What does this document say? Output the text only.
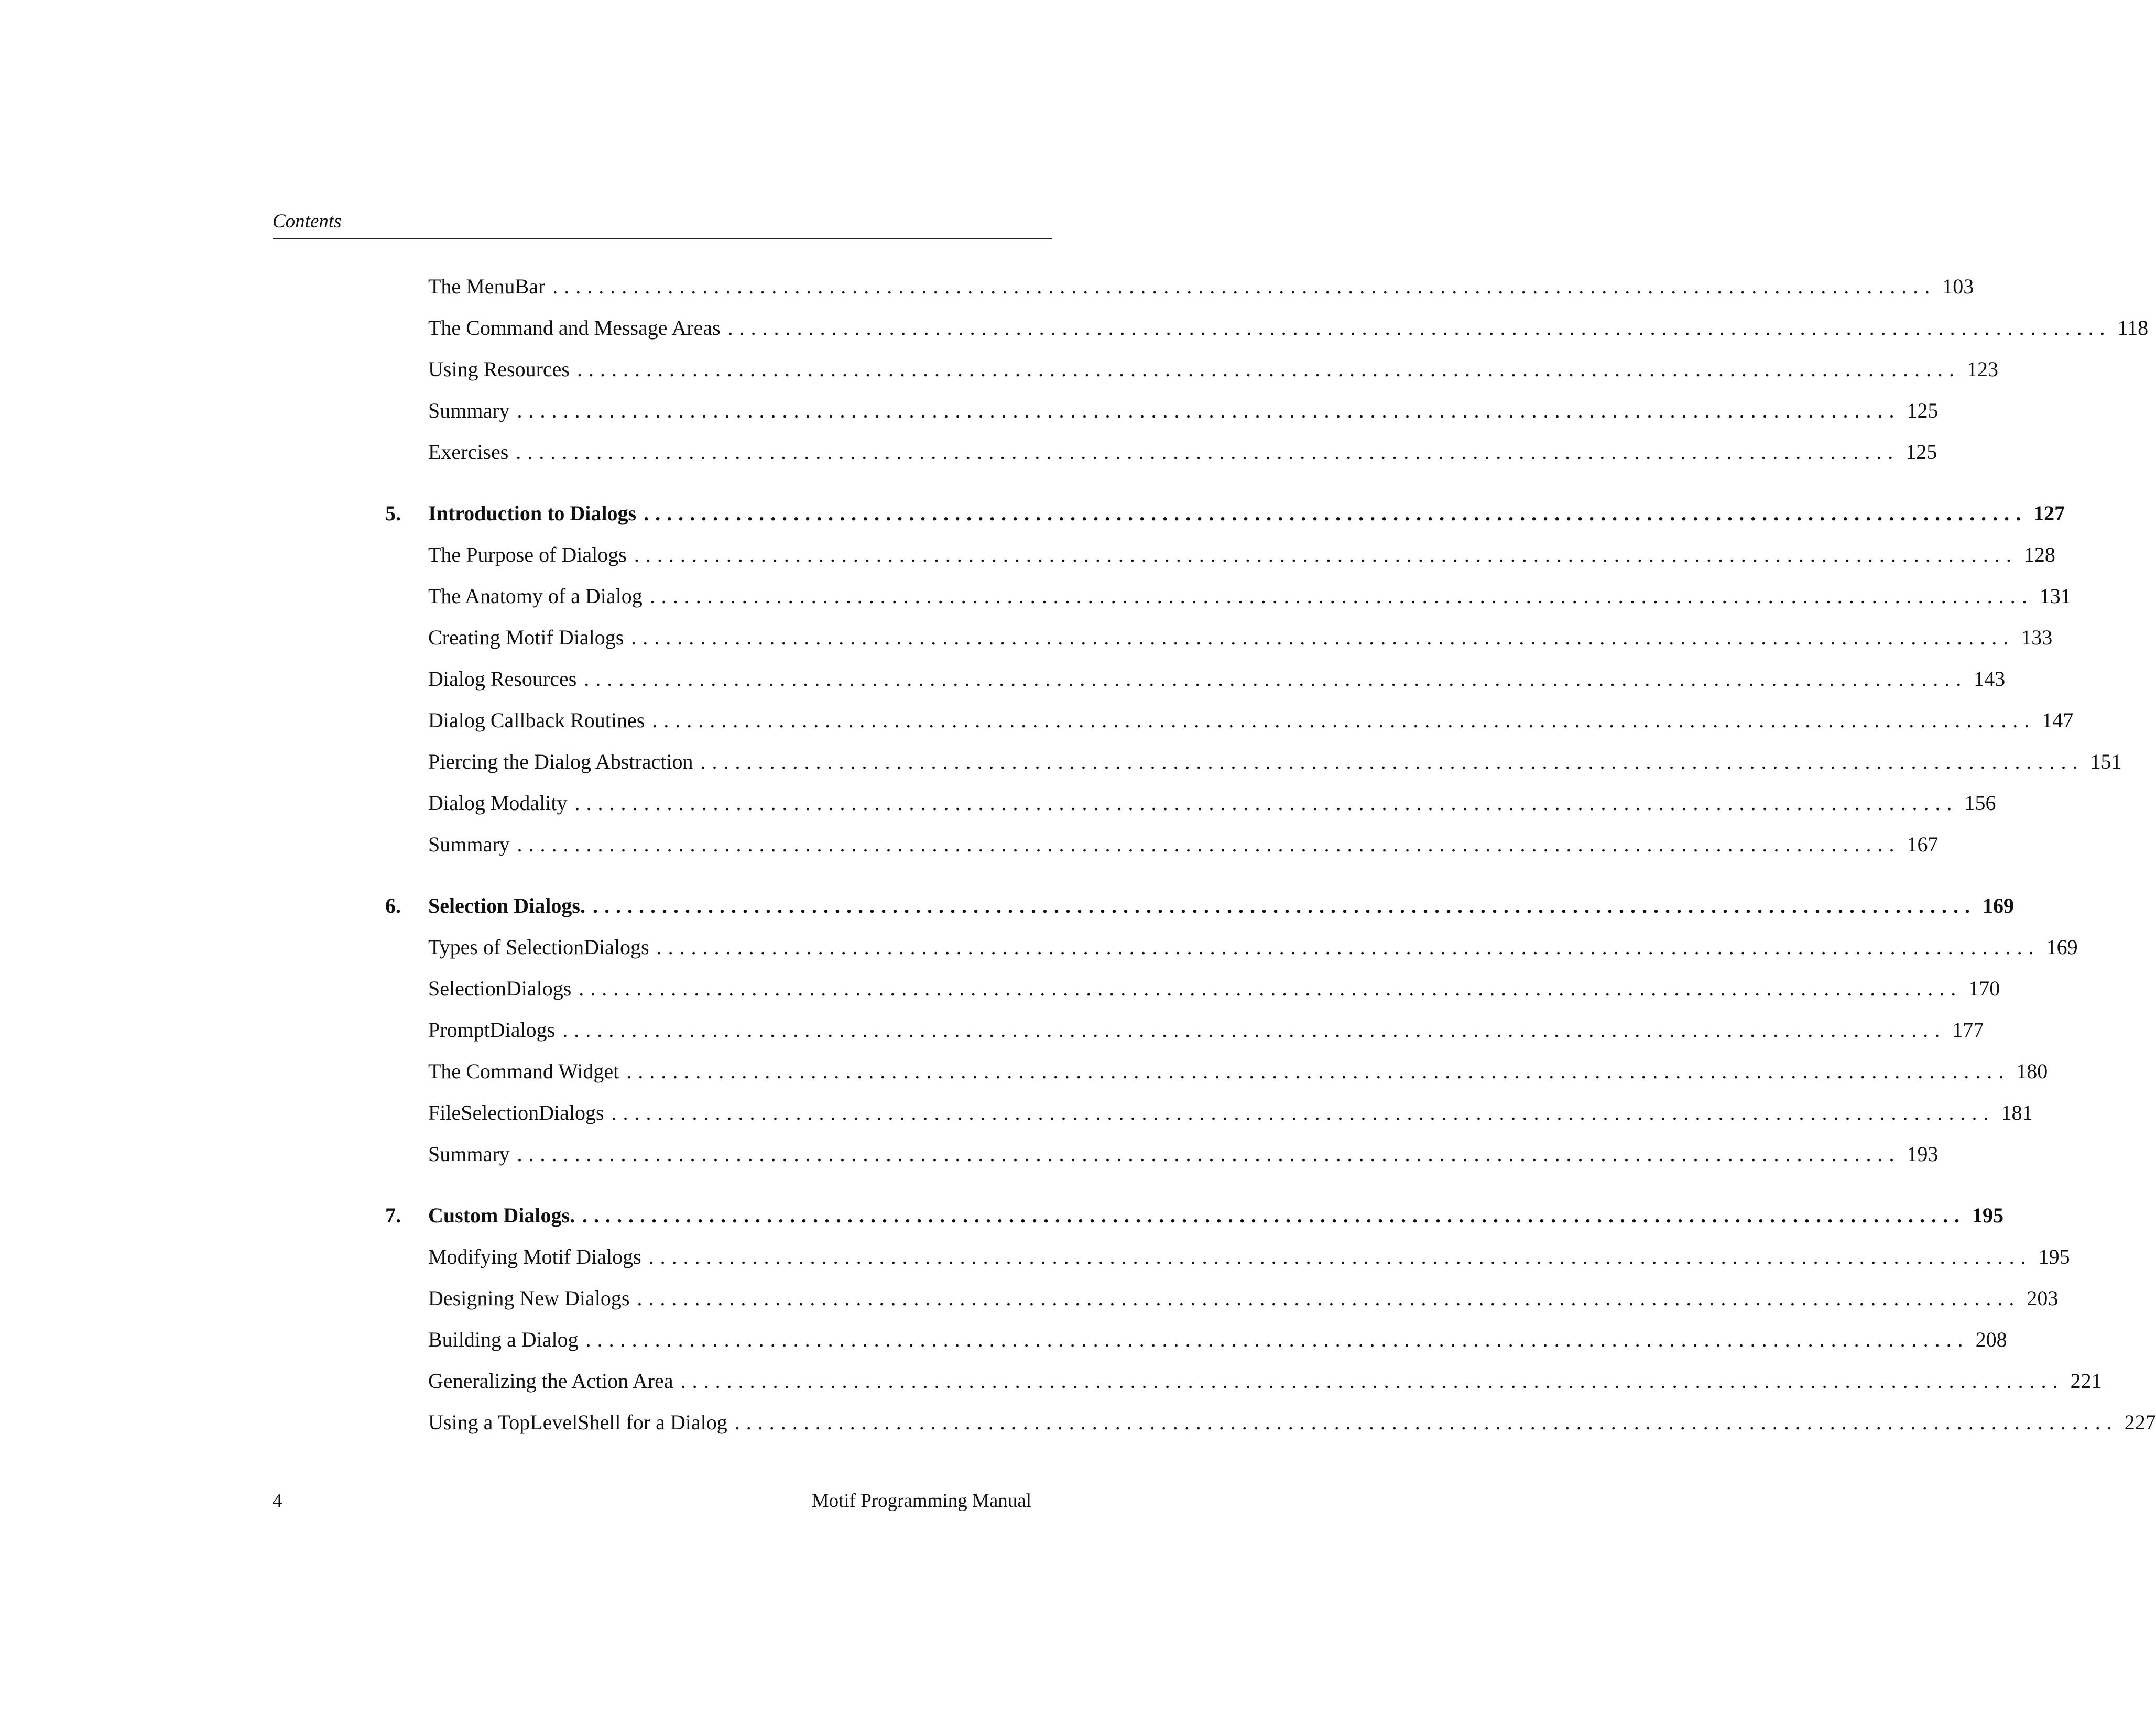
Contents
The MenuBar ........................................................................................................................ 103
The Command and Message Areas ........................................................................................................................ 118
Using Resources ........................................................................................................................ 123
Summary ........................................................................................................................ 125
Exercises ........................................................................................................................ 125
5. Introduction to Dialogs ........................................................................................................................ 127
The Purpose of Dialogs ........................................................................................................................ 128
The Anatomy of a Dialog ........................................................................................................................ 131
Creating Motif Dialogs ........................................................................................................................ 133
Dialog Resources ........................................................................................................................ 143
Dialog Callback Routines ........................................................................................................................ 147
Piercing the Dialog Abstraction ........................................................................................................................ 151
Dialog Modality ........................................................................................................................ 156
Summary ........................................................................................................................ 167
6. Selection Dialogs. ........................................................................................................................ 169
Types of SelectionDialogs ........................................................................................................................ 169
SelectionDialogs ........................................................................................................................ 170
PromptDialogs ........................................................................................................................ 177
The Command Widget ........................................................................................................................ 180
FileSelectionDialogs ........................................................................................................................ 181
Summary ........................................................................................................................ 193
7. Custom Dialogs. ........................................................................................................................ 195
Modifying Motif Dialogs ........................................................................................................................ 195
Designing New Dialogs ........................................................................................................................ 203
Building a Dialog ........................................................................................................................ 208
Generalizing the Action Area ........................................................................................................................ 221
Using a TopLevelShell for a Dialog ........................................................................................................................ 227
4	Motif Programming Manual
